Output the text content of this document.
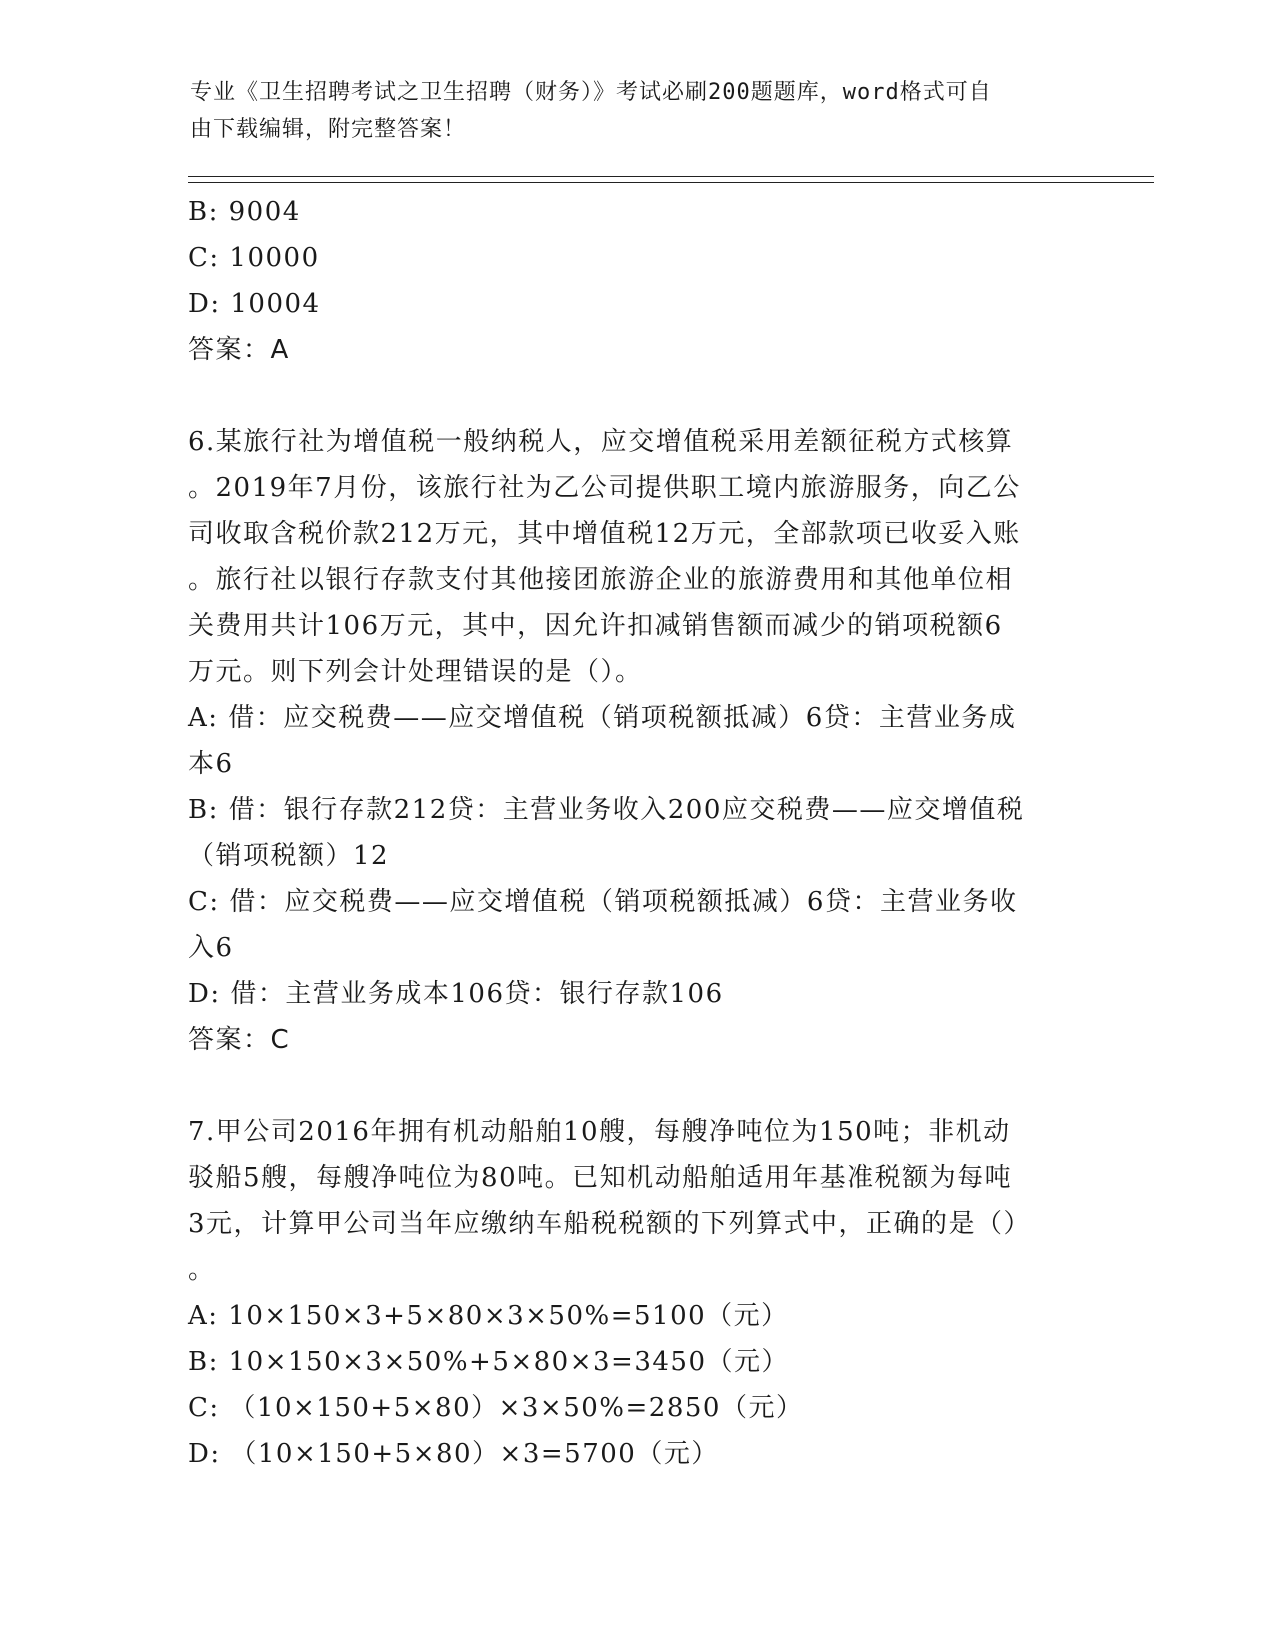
专业《卫生招聘考试之卫生招聘（财务）》考试必刷200题题库，word格式可自
由下载编辑，附完整答案！
B: 9004
C: 10000
D: 10004
答案：A
6.某旅行社为增值税一般纳税人，应交增值税采用差额征税方式核算
。2019年7月份，该旅行社为乙公司提供职工境内旅游服务，向乙公
司收取含税价款212万元，其中增值税12万元，全部款项已收妥入账
。旅行社以银行存款支付其他接团旅游企业的旅游费用和其他单位相
关费用共计106万元，其中，因允许扣减销售额而减少的销项税额6
万元。则下列会计处理错误的是（）。
A: 借：应交税费——应交增值税（销项税额抵减）6贷：主营业务成
本6
B: 借：银行存款212贷：主营业务收入200应交税费——应交增值税
（销项税额）12
C: 借：应交税费——应交增值税（销项税额抵减）6贷：主营业务收
入6
D: 借：主营业务成本106贷：银行存款106
答案：C
7.甲公司2016年拥有机动船舶10艘，每艘净吨位为150吨；非机动
驳船5艘，每艘净吨位为80吨。已知机动船舶适用年基准税额为每吨
3元，计算甲公司当年应缴纳车船税税额的下列算式中，正确的是（）
。
A: 10×150×3+5×80×3×50%=5100（元）
B: 10×150×3×50%+5×80×3=3450（元）
C: （10×150+5×80）×3×50%=2850（元）
D: （10×150+5×80）×3=5700（元）
